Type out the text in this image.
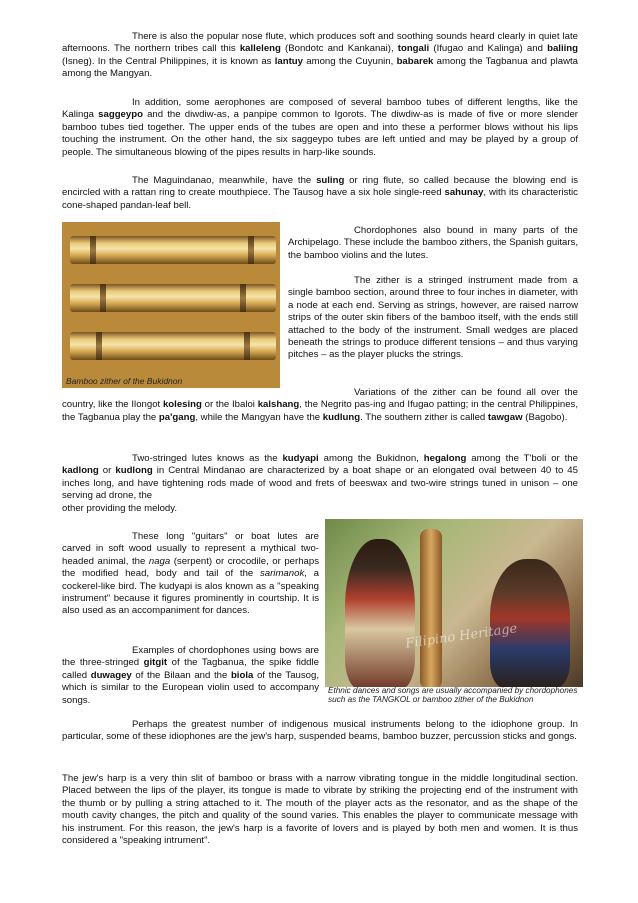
There is also the popular nose flute, which produces soft and soothing sounds heard clearly in quiet late afternoons. The northern tribes call this kalleleng (Bondotc and Kankanai), tongali (Ifugao and Kalinga) and baliing (Isneg). In the Central Philippines, it is known as lantuy among the Cuyunin, babarek among the Tagbanua and plawta among the Mangyan.

In addition, some aerophones are composed of several bamboo tubes of different lengths, like the Kalinga saggeypo and the diwdiw-as, a panpipe common to Igorots. The diwdiw-as is made of five or more slender bamboo tubes tied together. The upper ends of the tubes are open and into these a performer blows without his lips touching the instrument. On the other hand, the six saggeypo tubes are left untied and may be played by a group of people. The simultaneous blowing of the pipes results in harp-like sounds.

The Maguindanao, meanwhile, have the suling or ring flute, so called because the blowing end is encircled with a rattan ring to create mouthpiece. The Tausog have a six hole single-reed sahunay, with its characteristic cone-shaped pandan-leaf bell.

Bamboo zither of the Bukidnon

Chordophones also bound in many parts of the Archipelago. These include the bamboo zithers, the Spanish guitars, the bamboo violins and the lutes.

The zither is a stringed instrument made from a single bamboo section, around three to four inches in diameter, with a node at each end. Serving as strings, however, are raised narrow strips of the outer skin fibers of the bamboo itself, with the ends still attached to the body of the instrument. Small wedges are placed beneath the strings to produce different tensions – and thus varying pitches – as the player plucks the strings.

Variations of the zither can be found all over the country, like the Ilongot kolesing or the Ibaloi kalshang, the Negrito pas-ing and Ifugao patting; in the central Philippines, the Tagbanua play the pa'gang, while the Mangyan have the kudlung. The southern zither is called tawgaw (Bagobo).

Two-stringed lutes knows as the kudyapi among the Bukidnon, hegalong among the T'boli or the kadlong or kudlong in Central Mindanao are characterized by a boat shape or an elongated oval between 40 to 45 inches long, and have tightening rods made of wood and frets of beeswax and two-wire strings tuned in unison – one serving ad drone, the
other providing the melody.

These long "guitars" or boat lutes are carved in soft wood usually to represent a mythical two-headed animal, the naga (serpent) or crocodile, or perhaps the modified head, body and tail of the sarimanok, a cockerel-like bird. The kudyapi is alos known as a "speaking instrument" because it figures prominently in courtship. It is also used as an accompaniment for dances.

Examples of chordophones using bows are the three-stringed gitgit of the Tagbanua, the spike fiddle called duwagey of the Bilaan and the biola of the Tausog, which is similar to the European violin used to accompany songs.

Filipino Heritage
Ethnic dances and songs are usually accompanied by chordophones such as the TANGKOL or bamboo zither of the Bukidnon

Perhaps the greatest number of indigenous musical instruments belong to the idiophone group. In particular, some of these idiophones are the jew's harp, suspended beams, bamboo buzzer, percussion sticks and gongs.

The jew's harp is a very thin slit of bamboo or brass with a narrow vibrating tongue in the middle longitudinal section. Placed between the lips of the player, its tongue is made to vibrate by striking the projecting end of the instrument with the thumb or by pulling a string attached to it. The mouth of the player acts as the resonator, and as the shape of the mouth cavity changes, the pitch and quality of the sound varies. This enables the player to communicate message with his instrument. For this reason, the jew's harp is a favorite of lovers and is played by both men and women. It is thus considered a "speaking intrument".
